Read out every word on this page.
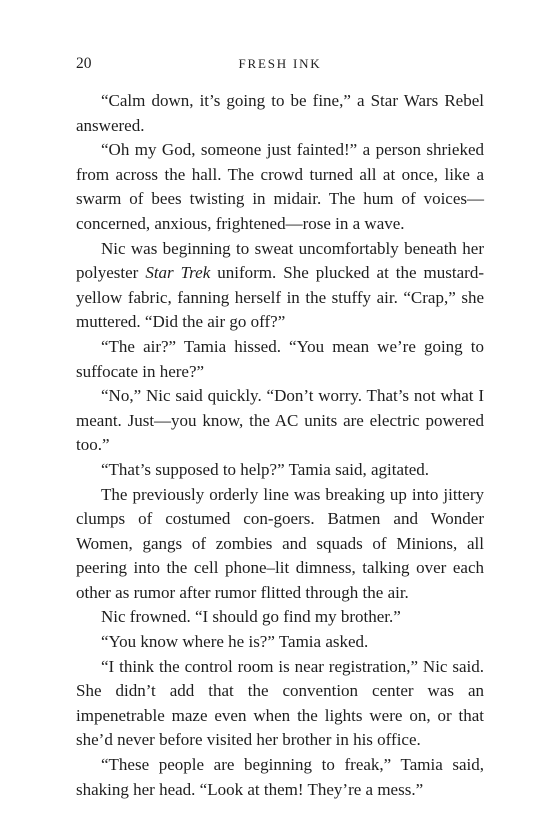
20	FRESH INK

“Calm down, it’s going to be fine,” a Star Wars Rebel answered.

“Oh my God, someone just fainted!” a person shrieked from across the hall. The crowd turned all at once, like a swarm of bees twisting in midair. The hum of voices—concerned, anxious, frightened—rose in a wave.

Nic was beginning to sweat uncomfortably beneath her polyester Star Trek uniform. She plucked at the mustard-yellow fabric, fanning herself in the stuffy air. “Crap,” she muttered. “Did the air go off?”

“The air?” Tamia hissed. “You mean we’re going to suffocate in here?”

“No,” Nic said quickly. “Don’t worry. That’s not what I meant. Just—you know, the AC units are electric powered too.”

“That’s supposed to help?” Tamia said, agitated.

The previously orderly line was breaking up into jittery clumps of costumed con-goers. Batmen and Wonder Women, gangs of zombies and squads of Minions, all peering into the cell phone–lit dimness, talking over each other as rumor after rumor flitted through the air.

Nic frowned. “I should go find my brother.”

“You know where he is?” Tamia asked.

“I think the control room is near registration,” Nic said. She didn’t add that the convention center was an impenetrable maze even when the lights were on, or that she’d never before visited her brother in his office.

“These people are beginning to freak,” Tamia said, shaking her head. “Look at them! They’re a mess.”
